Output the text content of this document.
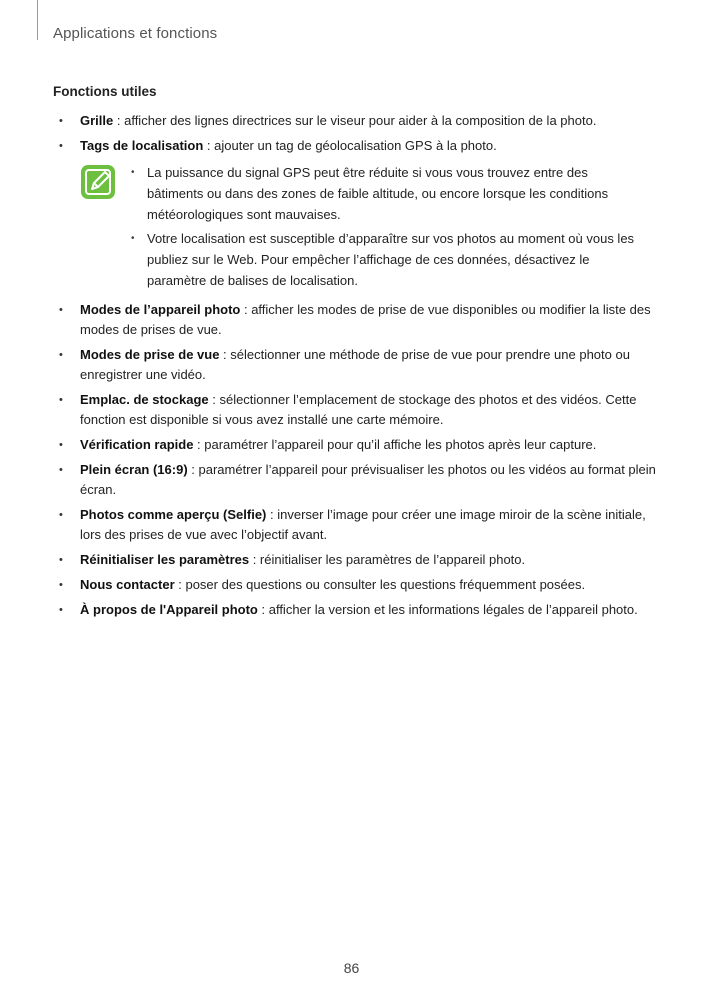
Applications et fonctions
Fonctions utiles
• Grille : afficher des lignes directrices sur le viseur pour aider à la composition de la photo.
• Tags de localisation : ajouter un tag de géolocalisation GPS à la photo.
• La puissance du signal GPS peut être réduite si vous vous trouvez entre des bâtiments ou dans des zones de faible altitude, ou encore lorsque les conditions météorologiques sont mauvaises.
• Votre localisation est susceptible d’apparaître sur vos photos au moment où vous les publiez sur le Web. Pour empêcher l’affichage de ces données, désactivez le paramètre de balises de localisation.
• Modes de l’appareil photo : afficher les modes de prise de vue disponibles ou modifier la liste des modes de prises de vue.
• Modes de prise de vue : sélectionner une méthode de prise de vue pour prendre une photo ou enregistrer une vidéo.
• Emplac. de stockage : sélectionner l’emplacement de stockage des photos et des vidéos. Cette fonction est disponible si vous avez installé une carte mémoire.
• Vérification rapide : paramétrer l’appareil pour qu’il affiche les photos après leur capture.
• Plein écran (16:9) : paramétrer l’appareil pour prévisualiser les photos ou les vidéos au format plein écran.
• Photos comme aperçu (Selfie) : inverser l’image pour créer une image miroir de la scène initiale, lors des prises de vue avec l’objectif avant.
• Réinitialiser les paramètres : réinitialiser les paramètres de l’appareil photo.
• Nous contacter : poser des questions ou consulter les questions fréquemment posées.
• À propos de l'Appareil photo : afficher la version et les informations légales de l’appareil photo.
86
